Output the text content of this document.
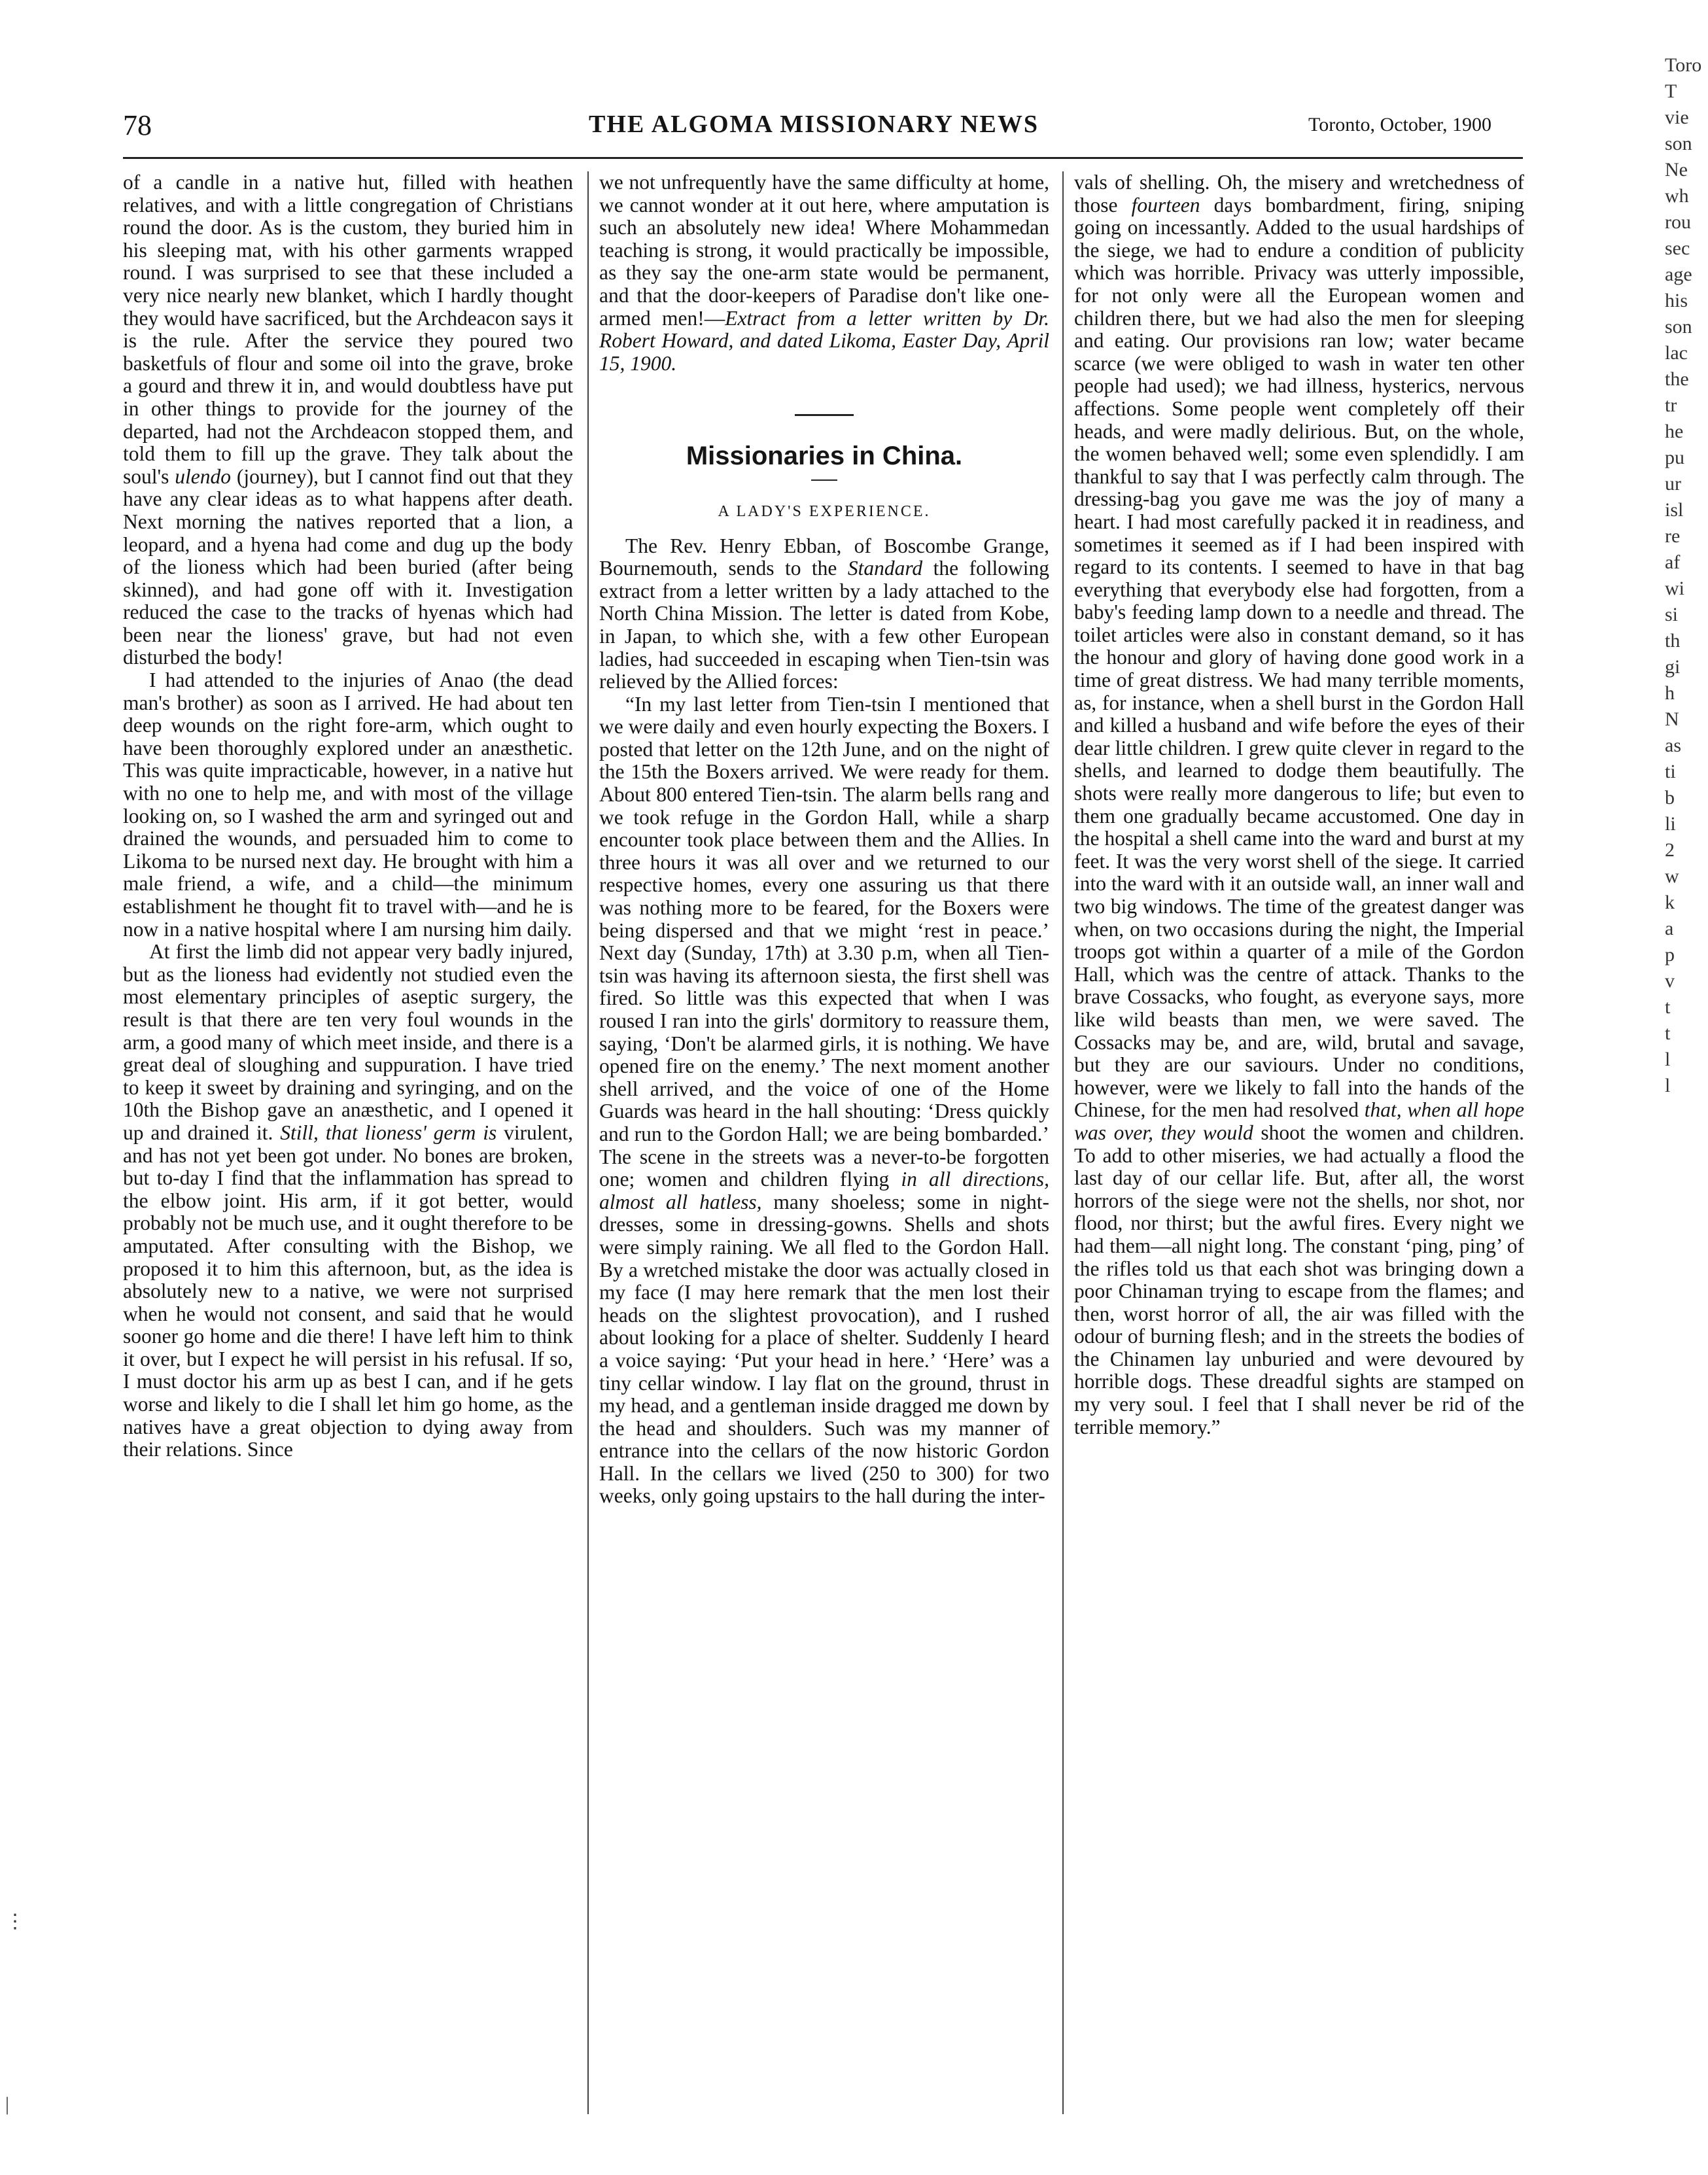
78	THE ALGOMA MISSIONARY NEWS	Toronto, October, 1900

of a candle in a native hut, filled with heathen relatives, and with a little congregation of Christians round the door. As is the custom, they buried him in his sleeping mat, with his other garments wrapped round. I was surprised to see that these included a very nice nearly new blanket, which I hardly thought they would have sacrificed, but the Archdeacon says it is the rule. After the service they poured two basketfuls of flour and some oil into the grave, broke a gourd and threw it in, and would doubtless have put in other things to provide for the journey of the departed, had not the Archdeacon stopped them, and told them to fill up the grave. They talk about the soul's ulendo (journey), but I cannot find out that they have any clear ideas as to what happens after death. Next morning the natives reported that a lion, a leopard, and a hyena had come and dug up the body of the lioness which had been buried (after being skinned), and had gone off with it. Investigation reduced the case to the tracks of hyenas which had been near the lioness' grave, but had not even disturbed the body!

I had attended to the injuries of Anao (the dead man's brother) as soon as I arrived. He had about ten deep wounds on the right fore-arm, which ought to have been thoroughly explored under an anæsthetic. This was quite impracticable, however, in a native hut with no one to help me, and with most of the village looking on, so I washed the arm and syringed out and drained the wounds, and persuaded him to come to Likoma to be nursed next day. He brought with him a male friend, a wife, and a child—the minimum establishment he thought fit to travel with—and he is now in a native hospital where I am nursing him daily.

At first the limb did not appear very badly injured, but as the lioness had evidently not studied even the most elementary principles of aseptic surgery, the result is that there are ten very foul wounds in the arm, a good many of which meet inside, and there is a great deal of sloughing and suppuration. I have tried to keep it sweet by draining and syringing, and on the 10th the Bishop gave an anæsthetic, and I opened it up and drained it. Still, that lioness' germ is virulent, and has not yet been got under. No bones are broken, but to-day I find that the inflammation has spread to the elbow joint. His arm, if it got better, would probably not be much use, and it ought therefore to be amputated. After consulting with the Bishop, we proposed it to him this afternoon, but, as the idea is absolutely new to a native, we were not surprised when he would not consent, and said that he would sooner go home and die there! I have left him to think it over, but I expect he will persist in his refusal. If so, I must doctor his arm up as best I can, and if he gets worse and likely to die I shall let him go home, as the natives have a great objection to dying away from their relations. Since

we not unfrequently have the same difficulty at home, we cannot wonder at it out here, where amputation is such an absolutely new idea! Where Mohammedan teaching is strong, it would practically be impossible, as they say the one-arm state would be permanent, and that the door-keepers of Paradise don't like one-armed men!—Extract from a letter written by Dr. Robert Howard, and dated Likoma, Easter Day, April 15, 1900.

Missionaries in China.
A LADY'S EXPERIENCE.

The Rev. Henry Ebban, of Boscombe Grange, Bournemouth, sends to the Standard the following extract from a letter written by a lady attached to the North China Mission. The letter is dated from Kobe, in Japan, to which she, with a few other European ladies, had succeeded in escaping when Tien-tsin was relieved by the Allied forces:

“In my last letter from Tien-tsin I mentioned that we were daily and even hourly expecting the Boxers. I posted that letter on the 12th June, and on the night of the 15th the Boxers arrived. We were ready for them. About 800 entered Tien-tsin. The alarm bells rang and we took refuge in the Gordon Hall, while a sharp encounter took place between them and the Allies. In three hours it was all over and we returned to our respective homes, every one assuring us that there was nothing more to be feared, for the Boxers were being dispersed and that we might ‘rest in peace.’ Next day (Sunday, 17th) at 3.30 p.m, when all Tien-tsin was having its afternoon siesta, the first shell was fired. So little was this expected that when I was roused I ran into the girls' dormitory to reassure them, saying, ‘Don't be alarmed girls, it is nothing. We have opened fire on the enemy.’ The next moment another shell arrived, and the voice of one of the Home Guards was heard in the hall shouting: ‘Dress quickly and run to the Gordon Hall; we are being bombarded.’ The scene in the streets was a never-to-be forgotten one; women and children flying in all directions, almost all hatless, many shoeless; some in night-dresses, some in dressing-gowns. Shells and shots were simply raining. We all fled to the Gordon Hall. By a wretched mistake the door was actually closed in my face (I may here remark that the men lost their heads on the slightest provocation), and I rushed about looking for a place of shelter. Suddenly I heard a voice saying: ‘Put your head in here.’ ‘Here’ was a tiny cellar window. I lay flat on the ground, thrust in my head, and a gentleman inside dragged me down by the head and shoulders. Such was my manner of entrance into the cellars of the now historic Gordon Hall. In the cellars we lived (250 to 300) for two weeks, only going upstairs to the hall during the inter-

vals of shelling. Oh, the misery and wretchedness of those fourteen days bombardment, firing, sniping going on incessantly. Added to the usual hardships of the siege, we had to endure a condition of publicity which was horrible. Privacy was utterly impossible, for not only were all the European women and children there, but we had also the men for sleeping and eating. Our provisions ran low; water became scarce (we were obliged to wash in water ten other people had used); we had illness, hysterics, nervous affections. Some people went completely off their heads, and were madly delirious. But, on the whole, the women behaved well; some even splendidly. I am thankful to say that I was perfectly calm through. The dressing-bag you gave me was the joy of many a heart. I had most carefully packed it in readiness, and sometimes it seemed as if I had been inspired with regard to its contents. I seemed to have in that bag everything that everybody else had forgotten, from a baby's feeding lamp down to a needle and thread. The toilet articles were also in constant demand, so it has the honour and glory of having done good work in a time of great distress. We had many terrible moments, as, for instance, when a shell burst in the Gordon Hall and killed a husband and wife before the eyes of their dear little children. I grew quite clever in regard to the shells, and learned to dodge them beautifully. The shots were really more dangerous to life; but even to them one gradually became accustomed. One day in the hospital a shell came into the ward and burst at my feet. It was the very worst shell of the siege. It carried into the ward with it an outside wall, an inner wall and two big windows. The time of the greatest danger was when, on two occasions during the night, the Imperial troops got within a quarter of a mile of the Gordon Hall, which was the centre of attack. Thanks to the brave Cossacks, who fought, as everyone says, more like wild beasts than men, we were saved. The Cossacks may be, and are, wild, brutal and savage, but they are our saviours. Under no conditions, however, were we likely to fall into the hands of the Chinese, for the men had resolved that, when all hope was over, they would shoot the women and children. To add to other miseries, we had actually a flood the last day of our cellar life. But, after all, the worst horrors of the siege were not the shells, nor shot, nor flood, nor thirst; but the awful fires. Every night we had them—all night long. The constant ‘ping, ping’ of the rifles told us that each shot was bringing down a poor Chinaman trying to escape from the flames; and then, worst horror of all, the air was filled with the odour of burning flesh; and in the streets the bodies of the Chinamen lay unburied and were devoured by horrible dogs. These dreadful sights are stamped on my very soul. I feel that I shall never be rid of the terrible memory.”

Toro
T
vie
son
Ne
wh
rou
sec
age
his
son
lac
the
tr
he
pu
ur
isl
re
af
wi
si
th
gi
h
N
as
ti
b
li
2
w
k
a
p
v
t
t
l
l
⋮
|
